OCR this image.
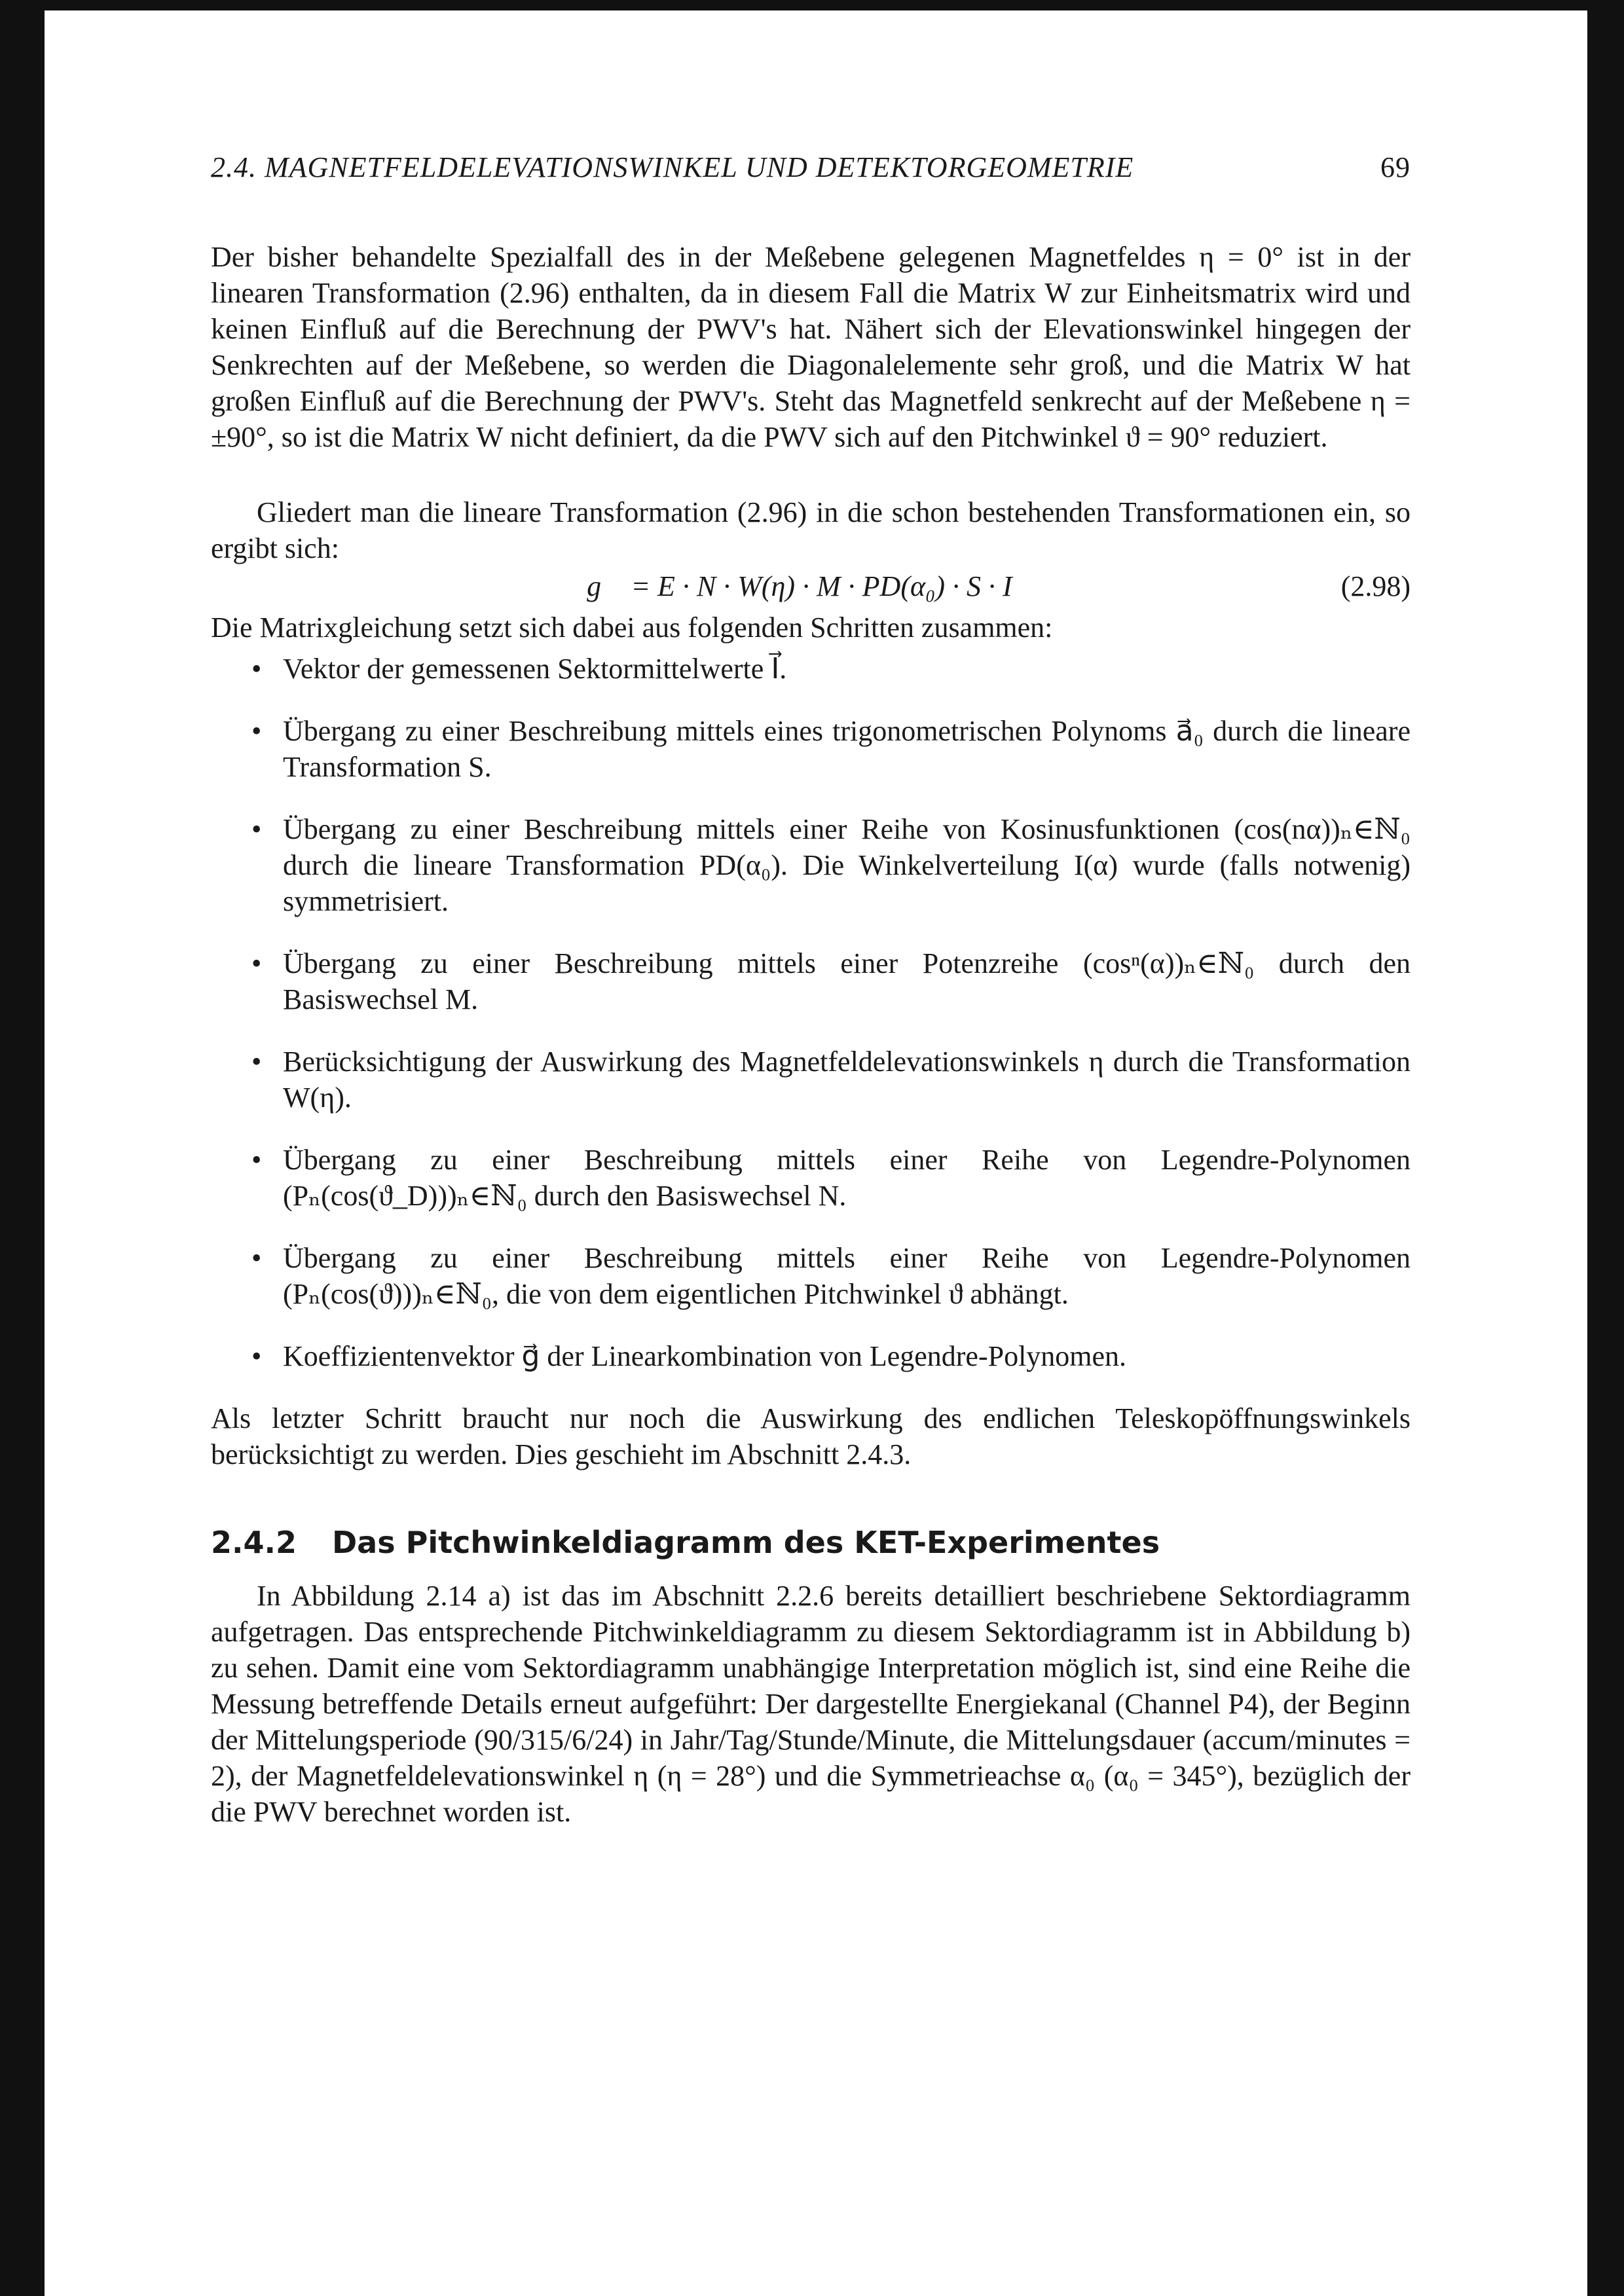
2.4. MAGNETFELDELEVATIONSWINKEL UND DETEKTORGEOMETRIE	69

Der bisher behandelte Spezialfall des in der Meßebene gelegenen Magnetfeldes η = 0° ist in der linearen Transformation (2.96) enthalten, da in diesem Fall die Matrix W zur Einheitsmatrix wird und keinen Einfluß auf die Berechnung der PWV's hat. Nähert sich der Elevationswinkel hingegen der Senkrechten auf der Meßebene, so werden die Diagonalelemente sehr groß, und die Matrix W hat großen Einfluß auf die Berechnung der PWV's. Steht das Magnetfeld senkrecht auf der Meßebene η = ±90°, so ist die Matrix W nicht definiert, da die PWV sich auf den Pitchwinkel ϑ = 90° reduziert.

Gliedert man die lineare Transformation (2.96) in die schon bestehenden Transformationen ein, so ergibt sich:

g⃗ = E · N · W(η) · M · PD(α₀) · S · I⃗	(2.98)

Die Matrixgleichung setzt sich dabei aus folgenden Schritten zusammen:

• Vektor der gemessenen Sektormittelwerte I⃗.
• Übergang zu einer Beschreibung mittels eines trigonometrischen Polynoms a⃗₀ durch die lineare Transformation S.
• Übergang zu einer Beschreibung mittels einer Reihe von Kosinusfunktionen (cos(nα))ₙ∈ℕ₀ durch die lineare Transformation PD(α₀). Die Winkelverteilung I(α) wurde (falls notwenig) symmetrisiert.
• Übergang zu einer Beschreibung mittels einer Potenzreihe (cosⁿ(α))ₙ∈ℕ₀ durch den Basiswechsel M.
• Berücksichtigung der Auswirkung des Magnetfeldelevationswinkels η durch die Transformation W(η).
• Übergang zu einer Beschreibung mittels einer Reihe von Legendre-Polynomen (Pₙ(cos(ϑ_D)))ₙ∈ℕ₀ durch den Basiswechsel N.
• Übergang zu einer Beschreibung mittels einer Reihe von Legendre-Polynomen (Pₙ(cos(ϑ)))ₙ∈ℕ₀, die von dem eigentlichen Pitchwinkel ϑ abhängt.
• Koeffizientenvektor g⃗ der Linearkombination von Legendre-Polynomen.

Als letzter Schritt braucht nur noch die Auswirkung des endlichen Teleskopöffnungswinkels berücksichtigt zu werden. Dies geschieht im Abschnitt 2.4.3.

2.4.2 Das Pitchwinkeldiagramm des KET-Experimentes

In Abbildung 2.14 a) ist das im Abschnitt 2.2.6 bereits detailliert beschriebene Sektordiagramm aufgetragen. Das entsprechende Pitchwinkeldiagramm zu diesem Sektordiagramm ist in Abbildung b) zu sehen. Damit eine vom Sektordiagramm unabhängige Interpretation möglich ist, sind eine Reihe die Messung betreffende Details erneut aufgeführt: Der dargestellte Energiekanal (Channel P4), der Beginn der Mittelungsperiode (90/315/6/24) in Jahr/Tag/Stunde/Minute, die Mittelungsdauer (accum/minutes = 2), der Magnetfeldelevationswinkel η (η = 28°) und die Symmetrieachse α₀ (α₀ = 345°), bezüglich der die PWV berechnet worden ist.
